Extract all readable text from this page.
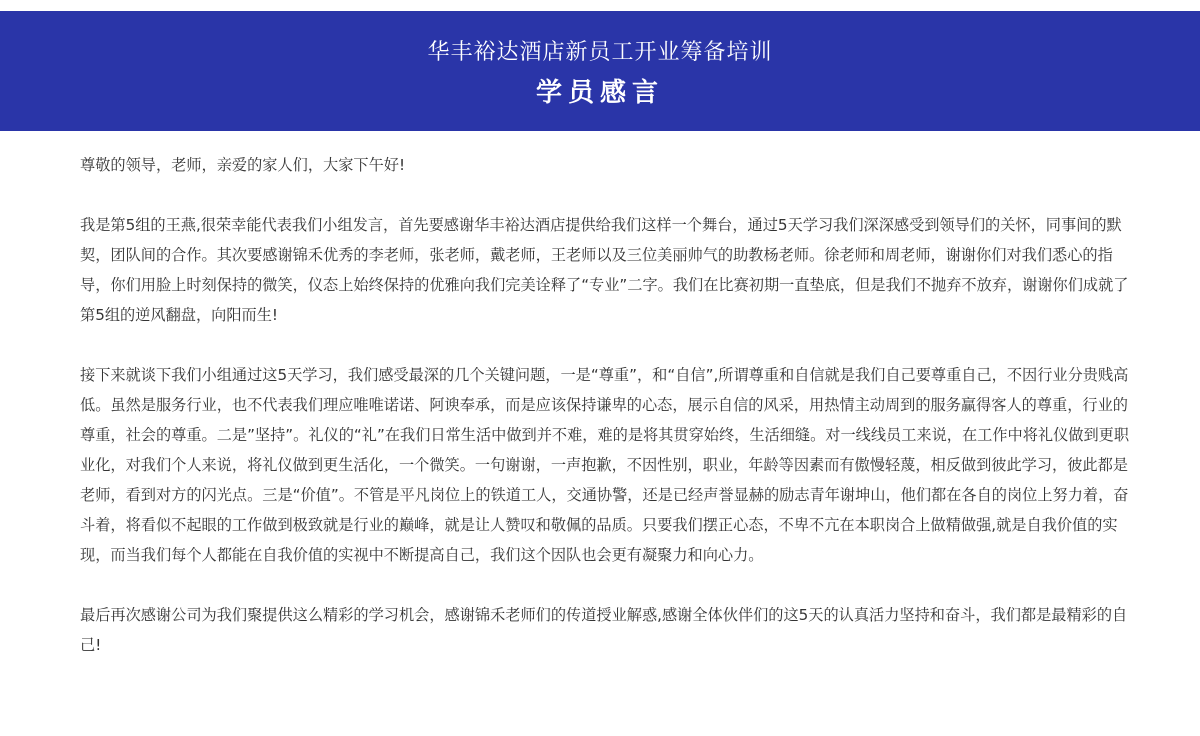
华丰裕达酒店新员工开业筹备培训
学员感言

尊敬的领导，老师，亲爱的家人们，大家下午好!

我是第5组的王燕,很荣幸能代表我们小组发言，首先要感谢华丰裕达酒店提供给我们这样一个舞台，通过5天学习我们深深感受到领导们的关怀，同事间的默契，团队间的合作。其次要感谢锦禾优秀的李老师，张老师，戴老师，王老师以及三位美丽帅气的助教杨老师。徐老师和周老师，谢谢你们对我们悉心的指导，你们用脸上时刻保持的微笑，仪态上始终保持的优雅向我们完美诠释了“专业”二字。我们在比赛初期一直垫底，但是我们不抛弃不放弃，谢谢你们成就了第5组的逆风翻盘，向阳而生!

接下来就谈下我们小组通过这5天学习，我们感受最深的几个关键问题，一是“尊重”，和“自信”,所谓尊重和自信就是我们自己要尊重自己，不因行业分贵贱高低。虽然是服务行业，也不代表我们理应唯唯诺诺、阿谀奉承，而是应该保持谦卑的心态，展示自信的风采，用热情主动周到的服务赢得客人的尊重，行业的尊重，社会的尊重。二是”坚持”。礼仪的“礼”在我们日常生活中做到并不难，难的是将其贯穿始终，生活细缝。对一线线员工来说，在工作中将礼仪做到更职业化，对我们个人来说，将礼仪做到更生活化，一个微笑。一句谢谢，一声抱歉，不因性别，职业，年龄等因素而有傲慢轻蔑，相反做到彼此学习，彼此都是老师，看到对方的闪光点。三是“价值”。不管是平凡岗位上的铁道工人，交通协警，还是已经声誉显赫的励志青年谢坤山，他们都在各自的岗位上努力着，奋斗着，将看似不起眼的工作做到极致就是行业的巅峰，就是让人赞叹和敬佩的品质。只要我们摆正心态，不卑不亢在本职岗合上做精做强,就是自我价值的实现，而当我们每个人都能在自我价值的实视中不断提高自己，我们这个因队也会更有凝聚力和向心力。

最后再次感谢公司为我们聚提供这么精彩的学习机会，感谢锦禾老师们的传道授业解惑,感谢全体伙伴们的这5天的认真活力坚持和奋斗，我们都是最精彩的自己!
